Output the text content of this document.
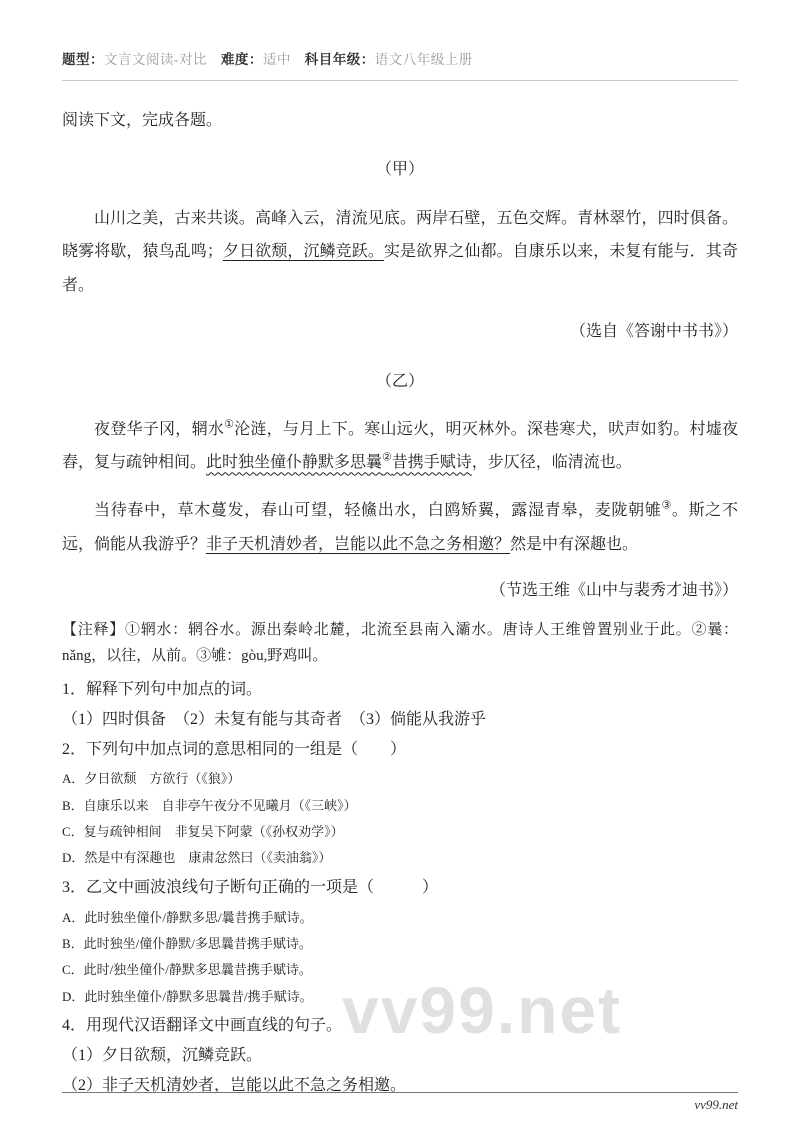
vv99.net
题型：文言文阅读-对比 难度：适中 科目年级：语文八年级上册

阅读下文，完成各题。

（甲）

山川之美，古来共谈。高峰入云，清流见底。两岸石壁，五色交辉。青林翠竹，四时俱备。晓雾将歇，猿鸟乱鸣；夕日欲颓，沉鳞竞跃。实是欲界之仙都。自康乐以来，未复有能与．其奇者。

（选自《答谢中书书》）

（乙）

夜登华子冈，辋水①沦涟，与月上下。寒山远火，明灭林外。深巷寒犬，吠声如豹。村墟夜舂，复与疏钟相间。此时独坐僮仆静默多思曩②昔携手赋诗，步仄径，临清流也。

当待春中，草木蔓发，春山可望，轻鯈出水，白鸥矫翼，露湿青皋，麦陇朝雊③。斯之不远，倘能从我游乎？非子天机清妙者，岂能以此不急之务相邀？然是中有深趣也。

（节选王维《山中与裴秀才迪书》）

【注释】①辋水：辋谷水。源出秦岭北麓，北流至县南入灞水。唐诗人王维曾置别业于此。②曩：nǎng，以往，从前。③雊：gòu,野鸡叫。

1．解释下列句中加点的词。

（1）四时俱备　（2）未复有能与其奇者　（3）倘能从我游乎

2．下列句中加点词的意思相同的一组是（　　）

A．夕日欲颓　方欲行（《狼》）

B．自康乐以来　自非亭午夜分不见曦月（《三峡》）

C．复与疏钟相间　非复吴下阿蒙（《孙权劝学》）

D．然是中有深趣也　康肃忿然曰（《卖油翁》）

3．乙文中画波浪线句子断句正确的一项是（　　　）

A．此时独坐僮仆/静默多思/曩昔携手赋诗。

B．此时独坐/僮仆静默/多思曩昔携手赋诗。

C．此时/独坐僮仆/静默多思曩昔携手赋诗。

D．此时独坐僮仆/静默多思曩昔/携手赋诗。

4．用现代汉语翻译文中画直线的句子。

（1）夕日欲颓，沉鳞竞跃。

（2）非子天机清妙者，岂能以此不急之务相邀。

vv99.net
